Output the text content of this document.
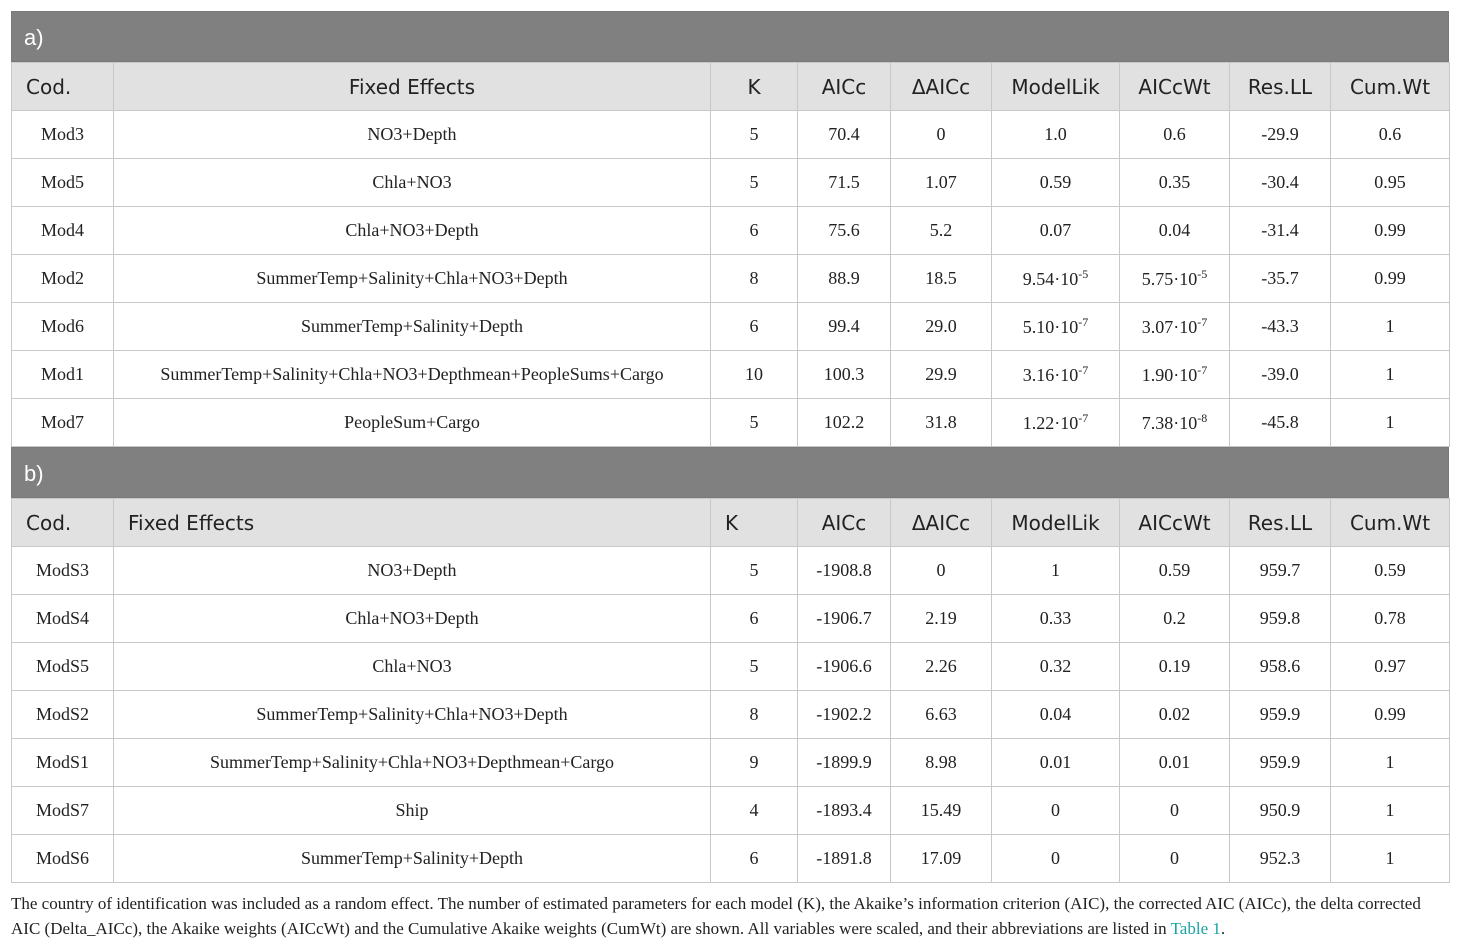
a)
Cod.	Fixed Effects	K	AICc	ΔAICc	ModelLik	AICcWt	Res.LL	Cum.Wt
Mod3	NO3+Depth	5	70.4	0	1.0	0.6	-29.9	0.6
Mod5	Chla+NO3	5	71.5	1.07	0.59	0.35	-30.4	0.95
Mod4	Chla+NO3+Depth	6	75.6	5.2	0.07	0.04	-31.4	0.99
Mod2	SummerTemp+Salinity+Chla+NO3+Depth	8	88.9	18.5	$9.54\cdot 10^{-5}$	$5.75\cdot 10^{-5}$	-35.7	0.99
Mod6	SummerTemp+Salinity+Depth	6	99.4	29.0	$5.10\cdot 10^{-7}$	$3.07\cdot 10^{-7}$	-43.3	1
Mod1	SummerTemp+Salinity+Chla+NO3+Depthmean+PeopleSums+Cargo	10	100.3	29.9	$3.16\cdot 10^{-7}$	$1.90\cdot 10^{-7}$	-39.0	1
Mod7	PeopleSum+Cargo	5	102.2	31.8	$1.22\cdot 10^{-7}$	$7.38\cdot 10^{-8}$	-45.8	1
b)
Cod.	Fixed Effects	K	AICc	ΔAICc	ModelLik	AICcWt	Res.LL	Cum.Wt
ModS3	NO3+Depth	5	-1908.8	0	1	0.59	959.7	0.59
ModS4	Chla+NO3+Depth	6	-1906.7	2.19	0.33	0.2	959.8	0.78
ModS5	Chla+NO3	5	-1906.6	2.26	0.32	0.19	958.6	0.97
ModS2	SummerTemp+Salinity+Chla+NO3+Depth	8	-1902.2	6.63	0.04	0.02	959.9	0.99
ModS1	SummerTemp+Salinity+Chla+NO3+Depthmean+Cargo	9	-1899.9	8.98	0.01	0.01	959.9	1
ModS7	Ship	4	-1893.4	15.49	0	0	950.9	1
ModS6	SummerTemp+Salinity+Depth	6	-1891.8	17.09	0	0	952.3	1
The country of identification was included as a random effect. The number of estimated parameters for each model (K), the Akaike’s information criterion (AIC), the corrected AIC (AICc), the delta corrected AIC (Delta_AICc), the Akaike weights (AICcWt) and the Cumulative Akaike weights (CumWt) are shown. All variables were scaled, and their abbreviations are listed in Table 1.
